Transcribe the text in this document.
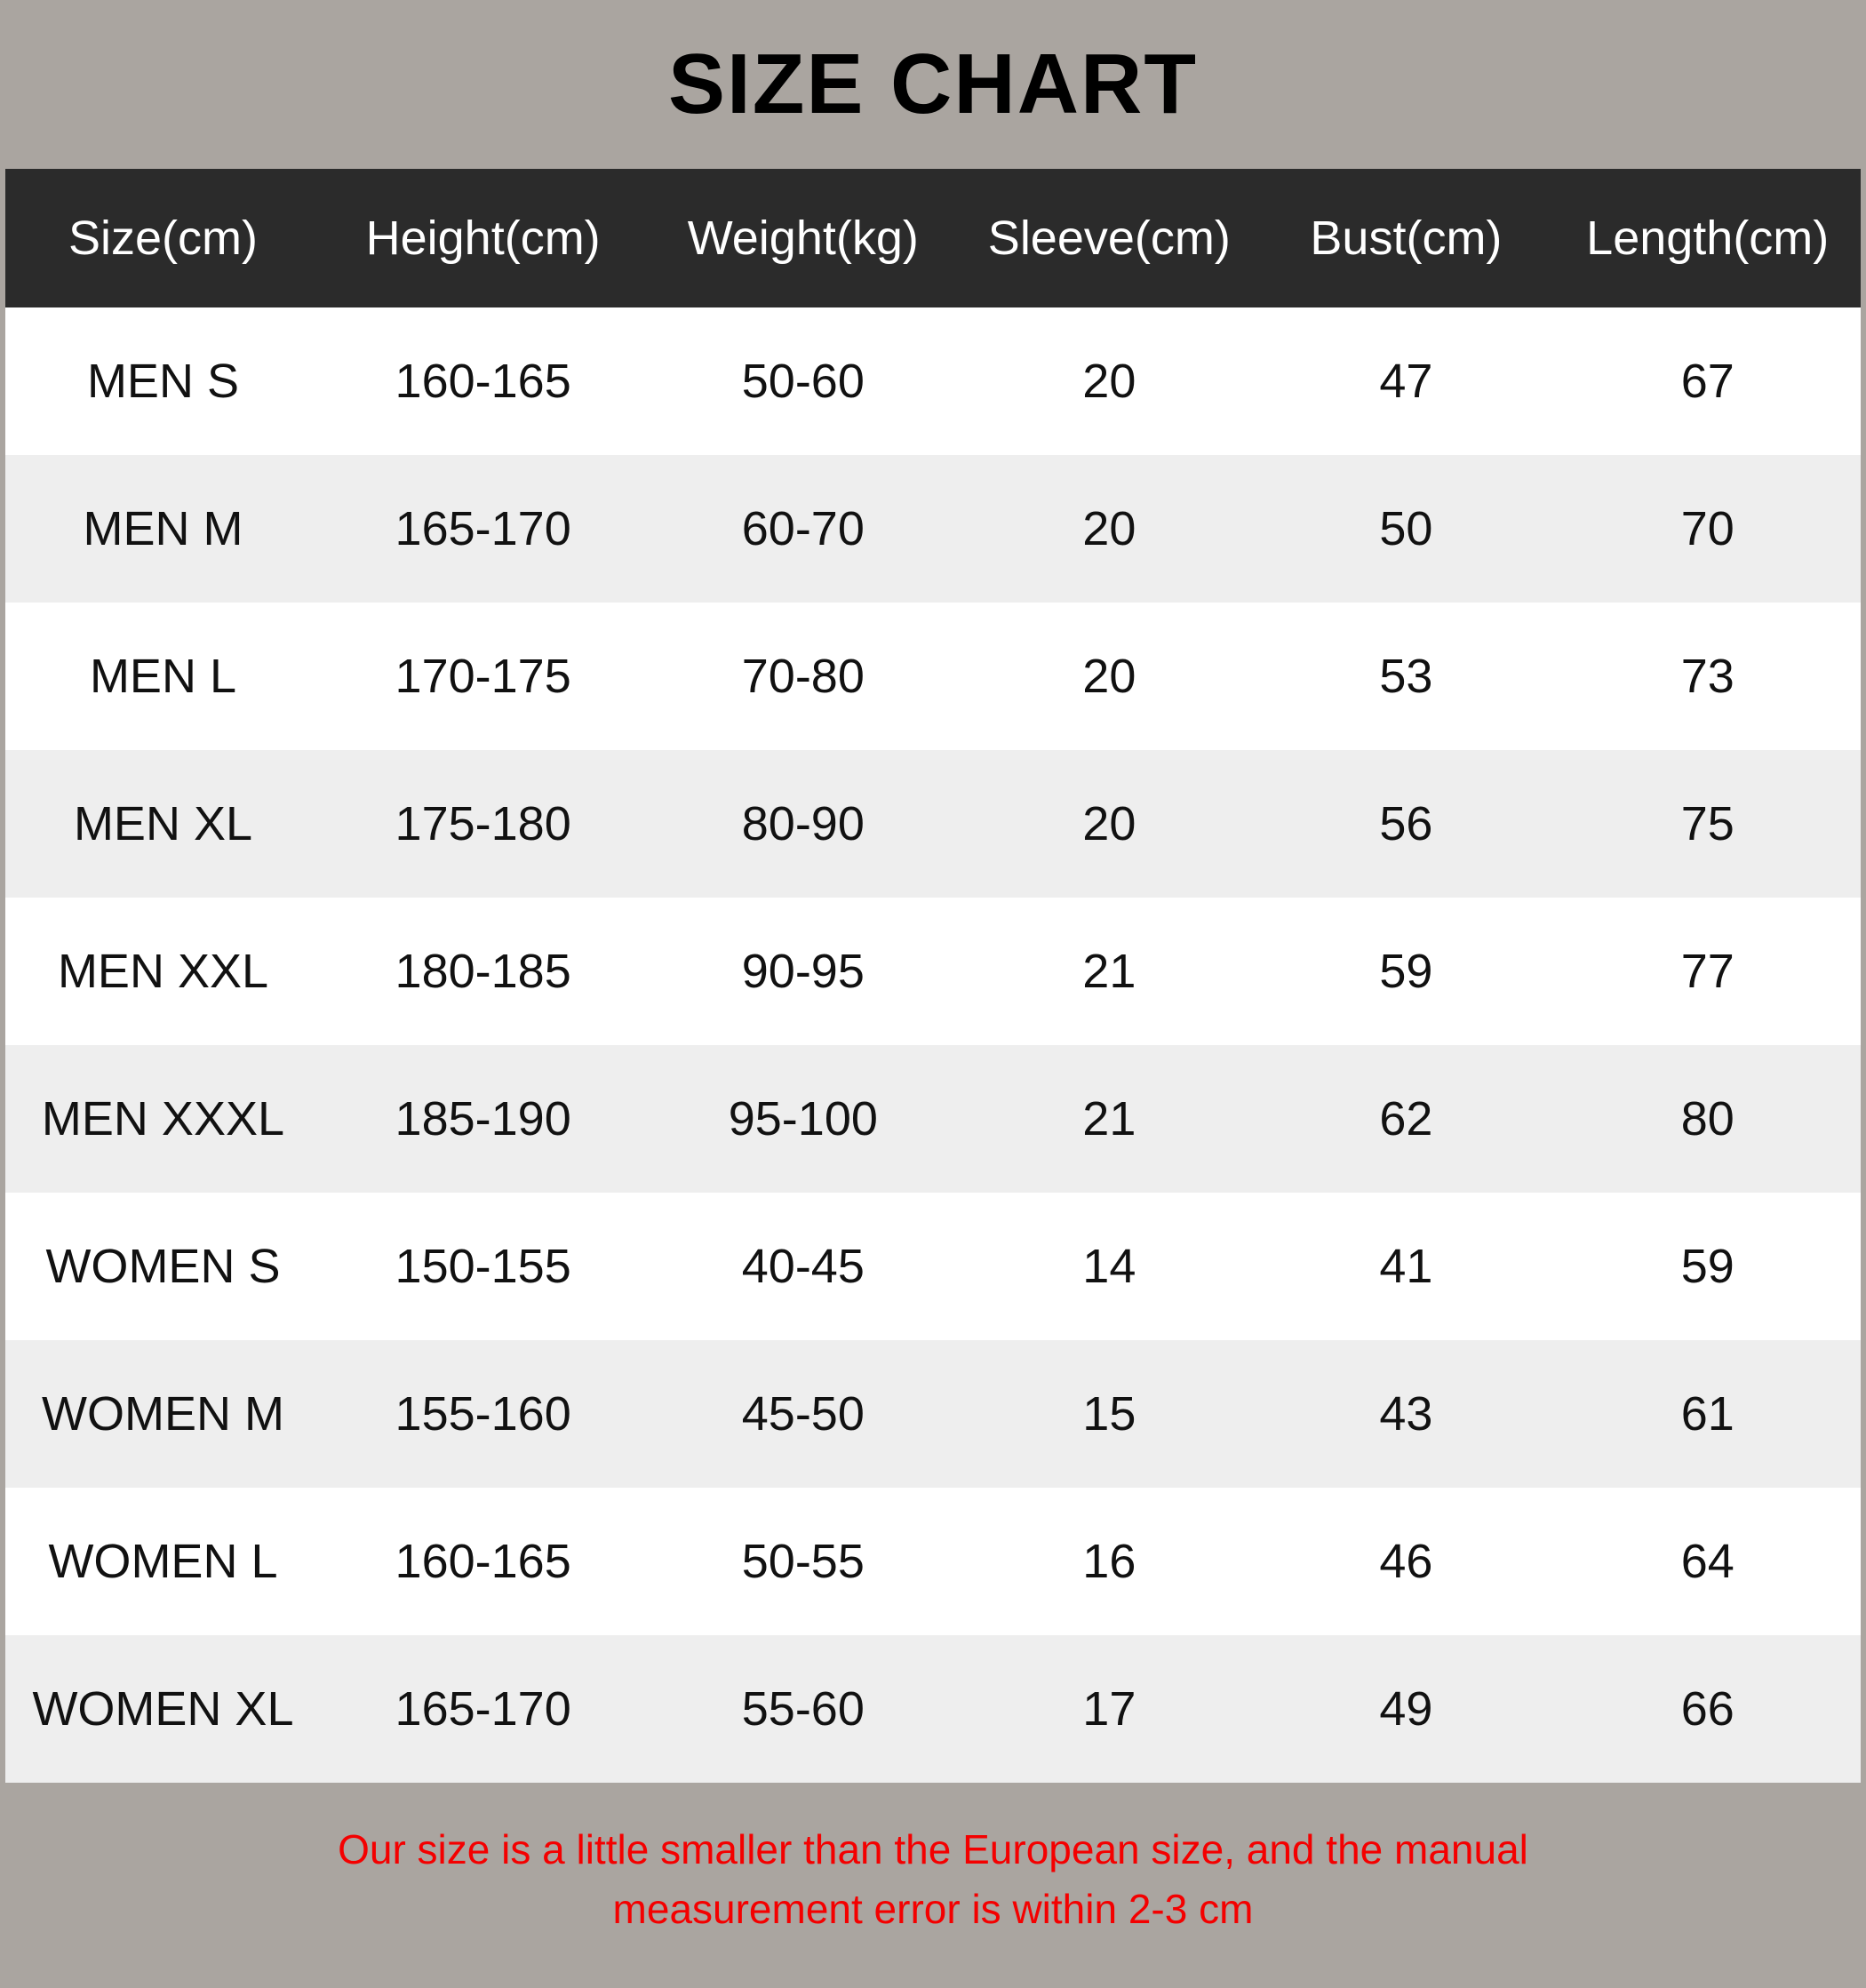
SIZE CHART
Size(cm)	Height(cm)	Weight(kg)	Sleeve(cm)	Bust(cm)	Length(cm)
MEN S	160-165	50-60	20	47	67
MEN M	165-170	60-70	20	50	70
MEN L	170-175	70-80	20	53	73
MEN XL	175-180	80-90	20	56	75
MEN XXL	180-185	90-95	21	59	77
MEN XXXL	185-190	95-100	21	62	80
WOMEN S	150-155	40-45	14	41	59
WOMEN M	155-160	45-50	15	43	61
WOMEN L	160-165	50-55	16	46	64
WOMEN XL	165-170	55-60	17	49	66
Our size is a little smaller than the European size, and the manual
measurement error is within 2-3 cm
